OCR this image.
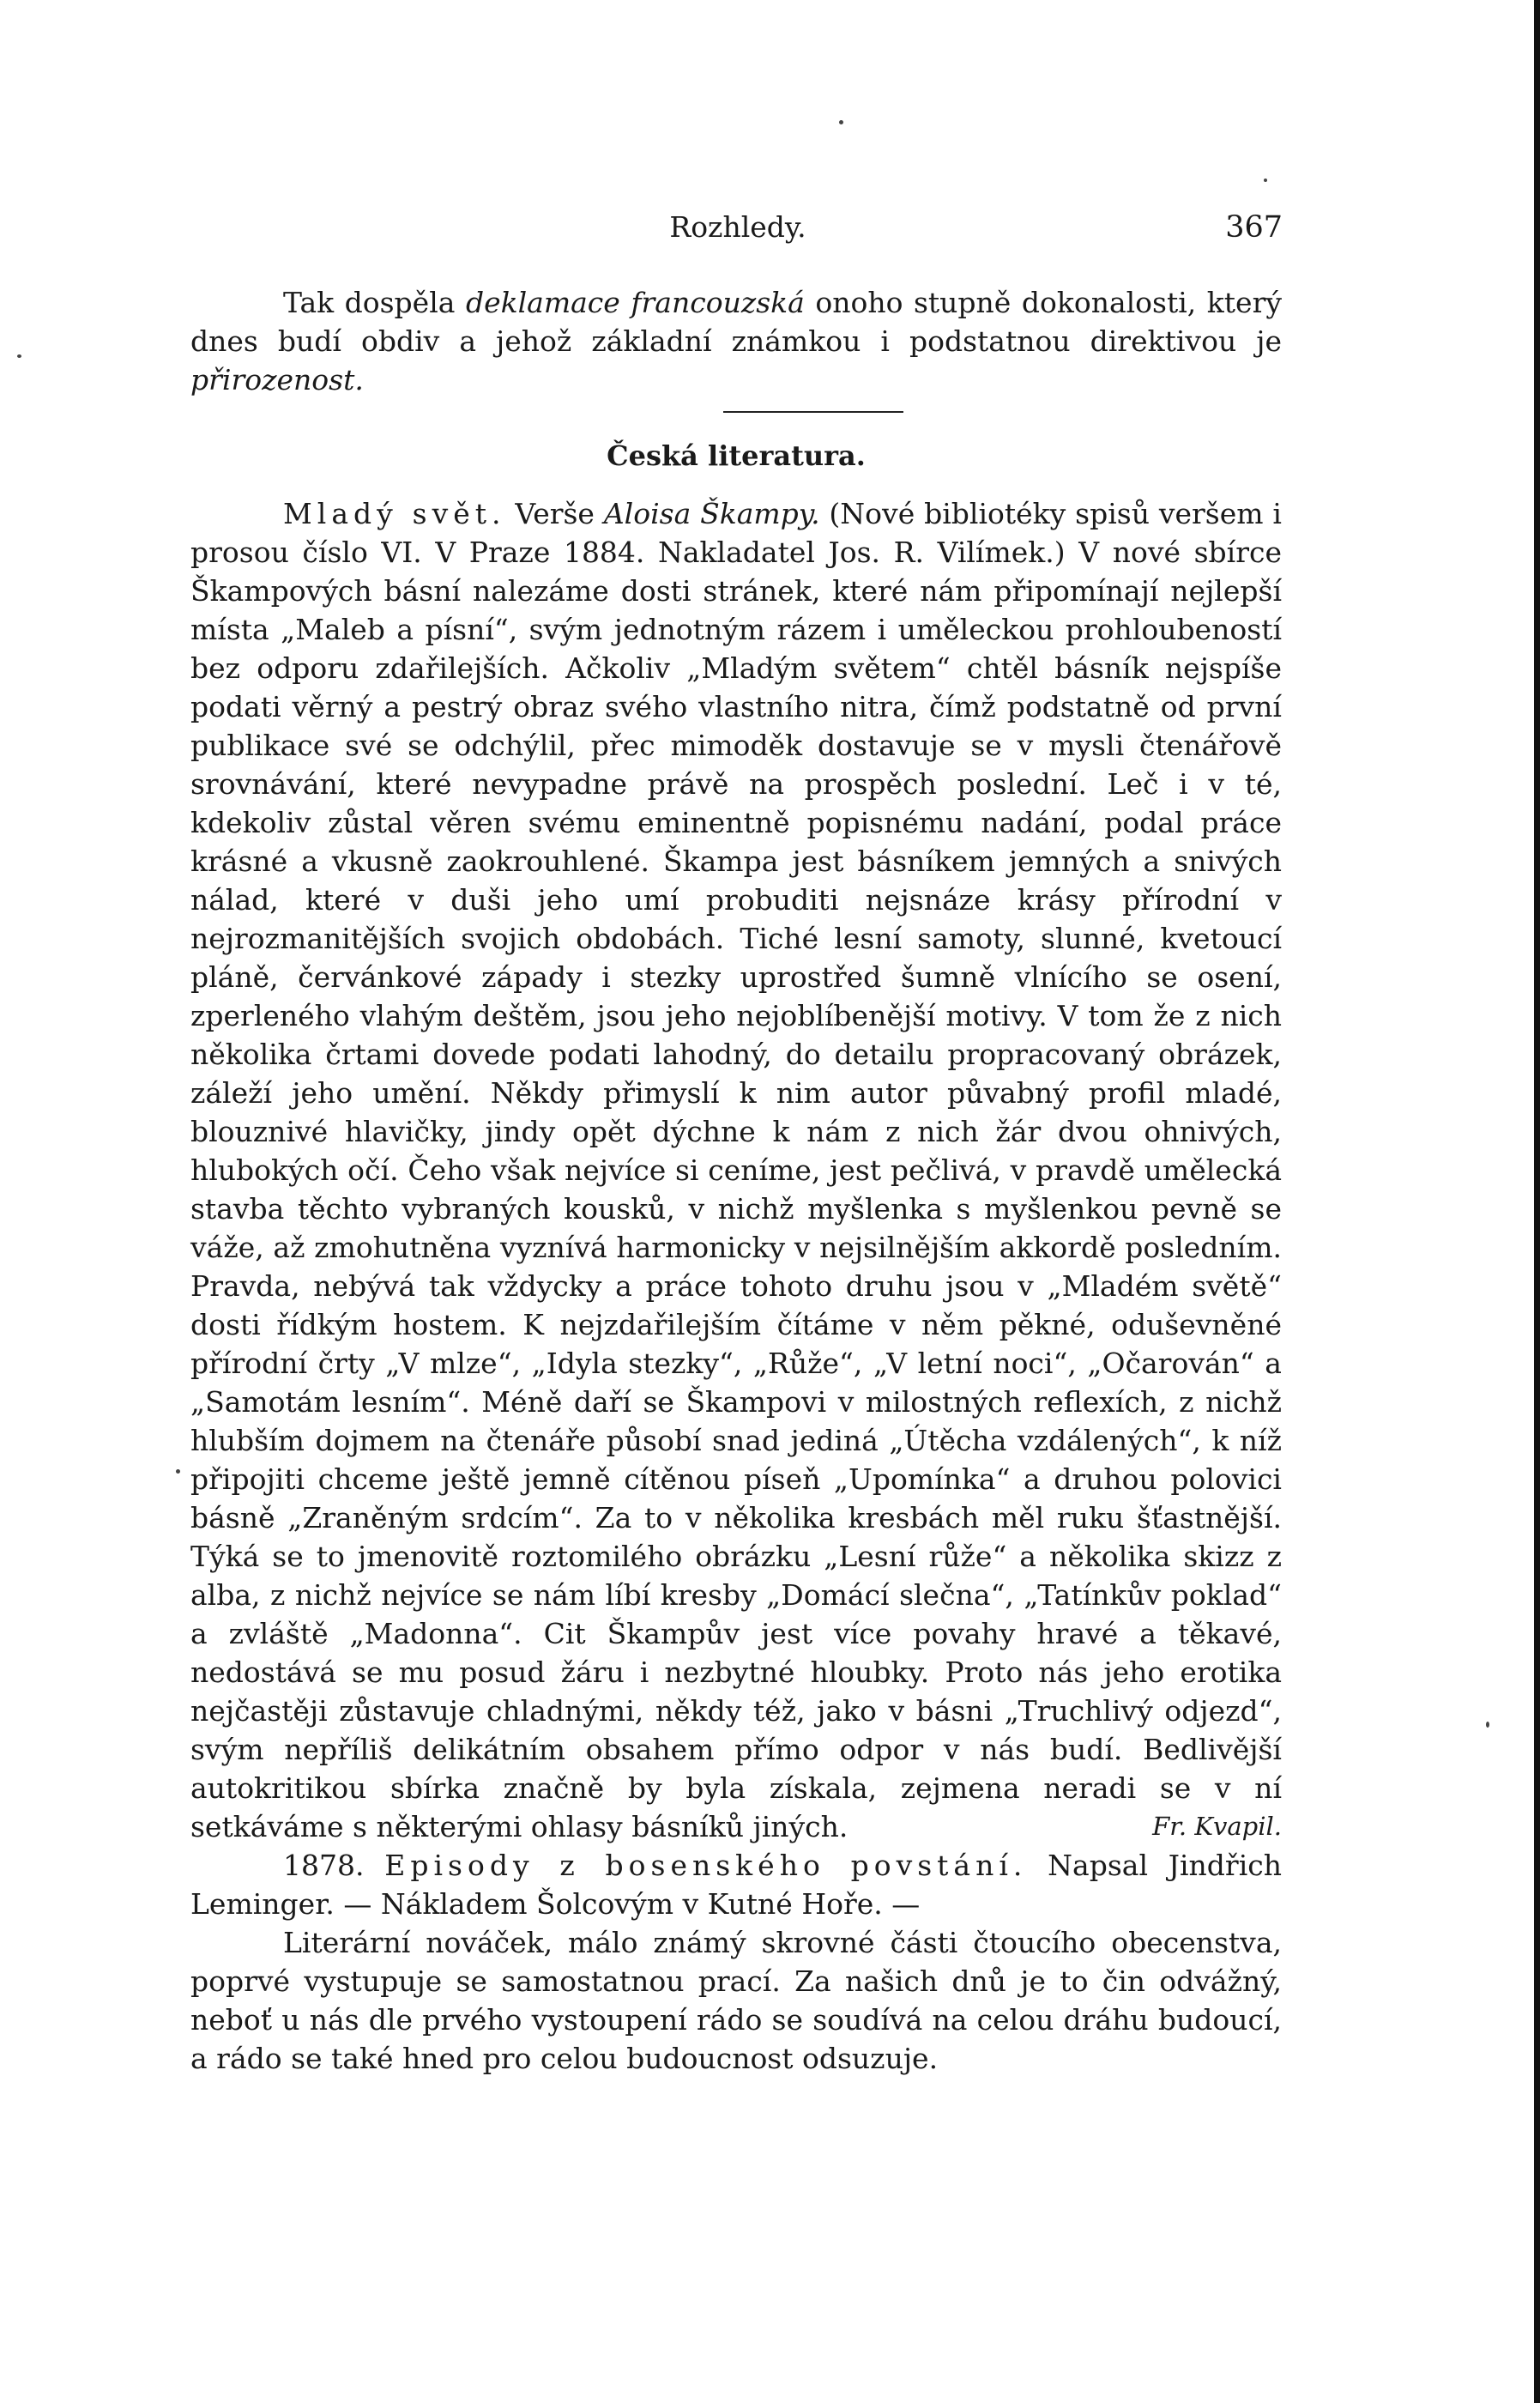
Rozhledy.	367

Tak dospěla deklamace francouzská onoho stupně dokonalosti, který dnes budí obdiv a jehož základní známkou i podstatnou direktivou je přirozenost.

Česká literatura.

Mladý svět. Verše Aloisa Škampy. (Nové bibliotéky spisů veršem i prosou číslo VI. V Praze 1884. Nakladatel Jos. R. Vilímek.) V nové sbírce Škampových básní nalezáme dosti stránek, které nám připomínají nejlepší místa „Maleb a písní“, svým jednotným rázem i uměleckou prohloubeností bez odporu zdařilejších. Ačkoliv „Mladým světem“ chtěl básník nejspíše podati věrný a pestrý obraz svého vlastního nitra, čímž podstatně od první publikace své se odchýlil, přec mimoděk dostavuje se v mysli čtenářově srovnávání, které nevypadne právě na prospěch poslední. Leč i v té, kdekoliv zůstal věren svému eminentně popisnému nadání, podal práce krásné a vkusně zaokrouhlené. Škampa jest básníkem jemných a snivých nálad, které v duši jeho umí probuditi nejsnáze krásy přírodní v nejrozmanitějších svojich obdobách. Tiché lesní samoty, slunné, kvetoucí pláně, červánkové západy i stezky uprostřed šumně vlnícího se osení, zperleného vlahým deštěm, jsou jeho nejoblíbenější motivy. V tom že z nich několika črtami dovede podati lahodný, do detailu propracovaný obrázek, záleží jeho umění. Někdy přimyslí k nim autor půvabný profil mladé, blouznivé hlavičky, jindy opět dýchne k nám z nich žár dvou ohnivých, hlubokých očí. Čeho však nejvíce si ceníme, jest pečlivá, v pravdě umělecká stavba těchto vybraných kousků, v nichž myšlenka s myšlenkou pevně se váže, až zmohutněna vyznívá harmonicky v nejsilnějším akkordě posledním. Pravda, nebývá tak vždycky a práce tohoto druhu jsou v „Mladém světě“ dosti řídkým hostem. K nejzdařilejším čítáme v něm pěkné, oduševněné přírodní črty „V mlze“, „Idyla stezky“, „Růže“, „V letní noci“, „Očarován“ a „Samotám lesním“. Méně daří se Škampovi v milostných reflexích, z nichž hlubším dojmem na čtenáře působí snad jediná „Útěcha vzdálených“, k níž připojiti chceme ještě jemně cítěnou píseň „Upomínka“ a druhou polovici básně „Zraněným srdcím“. Za to v několika kresbách měl ruku šťastnější. Týká se to jmenovitě roztomilého obrázku „Lesní růže“ a několika skizz z alba, z nichž nejvíce se nám líbí kresby „Domácí slečna“, „Tatínkův poklad“ a zvláště „Madonna“. Cit Škampův jest více povahy hravé a těkavé, nedostává se mu posud žáru i nezbytné hloubky. Proto nás jeho erotika nejčastěji zůstavuje chladnými, někdy též, jako v básni „Truchlivý odjezd“, svým nepříliš delikátním obsahem přímo odpor v nás budí. Bedlivější autokritikou sbírka značně by byla získala, zejmena neradi se v ní setkáváme s některými ohlasy básníků jiných.	Fr. Kvapil.

1878. Episody z bosenského povstání. Napsal Jindřich Leminger. — Nákladem Šolcovým v Kutné Hoře. —

Literární nováček, málo známý skrovné části čtoucího obecenstva, poprvé vystupuje se samostatnou prací. Za našich dnů je to čin odvážný, neboť u nás dle prvého vystoupení rádo se soudívá na celou dráhu budoucí, a rádo se také hned pro celou budoucnost odsuzuje.
